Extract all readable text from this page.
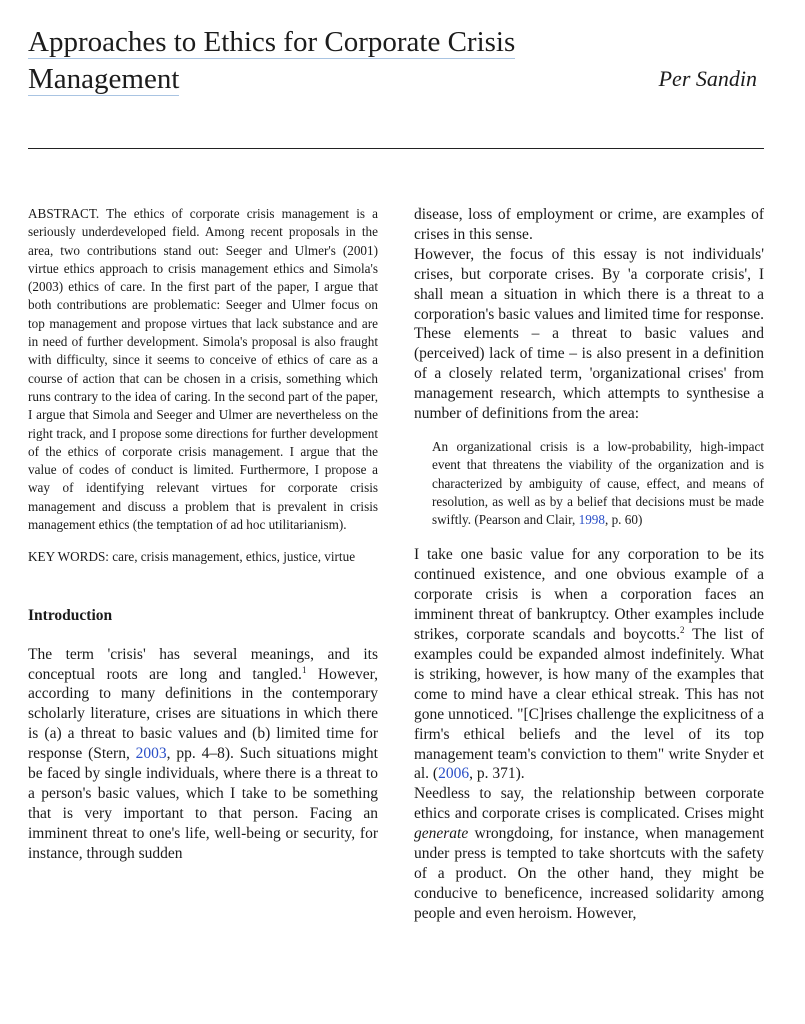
Approaches to Ethics for Corporate Crisis
Management	Per Sandin
ABSTRACT. The ethics of corporate crisis management is a seriously underdeveloped field. Among recent proposals in the area, two contributions stand out: Seeger and Ulmer's (2001) virtue ethics approach to crisis management ethics and Simola's (2003) ethics of care. In the first part of the paper, I argue that both contributions are problematic: Seeger and Ulmer focus on top management and propose virtues that lack substance and are in need of further development. Simola's proposal is also fraught with difficulty, since it seems to conceive of ethics of care as a course of action that can be chosen in a crisis, something which runs contrary to the idea of caring. In the second part of the paper, I argue that Simola and Seeger and Ulmer are nevertheless on the right track, and I propose some directions for further development of the ethics of corporate crisis management. I argue that the value of codes of conduct is limited. Furthermore, I propose a way of identifying relevant virtues for corporate crisis management and discuss a problem that is prevalent in crisis management ethics (the temptation of ad hoc utilitarianism).
KEY WORDS: care, crisis management, ethics, justice, virtue
Introduction

The term 'crisis' has several meanings, and its conceptual roots are long and tangled.$^1$ However, according to many definitions in the contemporary scholarly literature, crises are situations in which there is (a) a threat to basic values and (b) limited time for response (Stern, 2003, pp. 4–8). Such situations might be faced by single individuals, where there is a threat to a person's basic values, which I take to be something that is very important to that person. Facing an imminent threat to one's life, well-being or security, for instance, through sudden

disease, loss of employment or crime, are examples of crises in this sense.

However, the focus of this essay is not individuals' crises, but corporate crises. By 'a corporate crisis', I shall mean a situation in which there is a threat to a corporation's basic values and limited time for response. These elements – a threat to basic values and (perceived) lack of time – is also present in a definition of a closely related term, 'organizational crises' from management research, which attempts to synthesise a number of definitions from the area:

An organizational crisis is a low-probability, high-impact event that threatens the viability of the organization and is characterized by ambiguity of cause, effect, and means of resolution, as well as by a belief that decisions must be made swiftly. (Pearson and Clair, 1998, p. 60)

I take one basic value for any corporation to be its continued existence, and one obvious example of a corporate crisis is when a corporation faces an imminent threat of bankruptcy. Other examples include strikes, corporate scandals and boycotts.$^2$ The list of examples could be expanded almost indefinitely. What is striking, however, is how many of the examples that come to mind have a clear ethical streak. This has not gone unnoticed. "[C]rises challenge the explicitness of a firm's ethical beliefs and the level of its top management team's conviction to them" write Snyder et al. (2006, p. 371).

Needless to say, the relationship between corporate ethics and corporate crises is complicated. Crises might generate wrongdoing, for instance, when management under press is tempted to take shortcuts with the safety of a product. On the other hand, they might be conducive to beneficence, increased solidarity among people and even heroism. However,
